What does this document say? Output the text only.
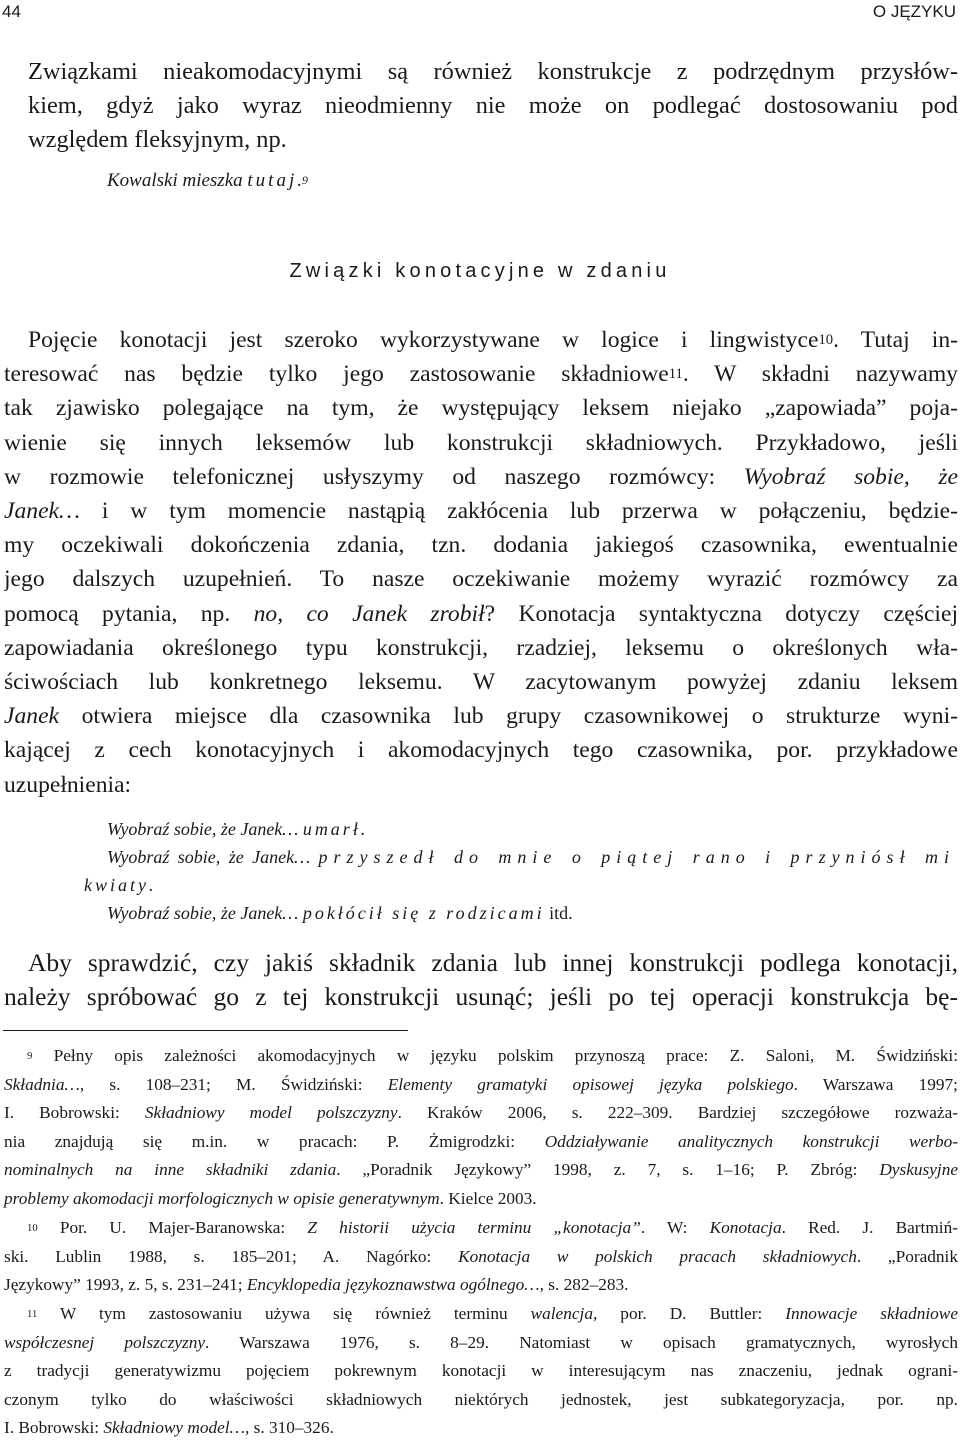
44	O JĘZYKU
Związkami nieakomodacyjnymi są również konstrukcje z podrzędnym przysłów-
kiem, gdyż jako wyraz nieodmienny nie może on podlegać dostosowaniu pod
względem fleksyjnym, np.
Kowalski mieszka tutaj.$^9$
Związki konotacyjne w zdaniu
Pojęcie konotacji jest szeroko wykorzystywane w logice i lingwistyce$^{10}$. Tutaj in-
teresować nas będzie tylko jego zastosowanie składniowe$^{11}$. W składni nazywamy
tak zjawisko polegające na tym, że występujący leksem niejako „zapowiada” poja-
wienie się innych leksemów lub konstrukcji składniowych. Przykładowo, jeśli
w rozmowie telefonicznej usłyszymy od naszego rozmówcy: Wyobraź sobie, że
Janek… i w tym momencie nastąpią zakłócenia lub przerwa w połączeniu, będzie-
my oczekiwali dokończenia zdania, tzn. dodania jakiegoś czasownika, ewentualnie
jego dalszych uzupełnień. To nasze oczekiwanie możemy wyrazić rozmówcy za
pomocą pytania, np. no, co Janek zrobił? Konotacja syntaktyczna dotyczy częściej
zapowiadania określonego typu konstrukcji, rzadziej, leksemu o określonych wła-
ściwościach lub konkretnego leksemu. W zacytowanym powyżej zdaniu leksem
Janek otwiera miejsce dla czasownika lub grupy czasownikowej o strukturze wyni-
kającej z cech konotacyjnych i akomodacyjnych tego czasownika, por. przykładowe
uzupełnienia:
Wyobraź sobie, że Janek… umarł.
Wyobraź sobie, że Janek… przyszedł do mnie o piątej rano i przyniósł mi
kwiaty.
Wyobraź sobie, że Janek… pokłócił się z rodzicami itd.
Aby sprawdzić, czy jakiś składnik zdania lub innej konstrukcji podlega konotacji,
należy spróbować go z tej konstrukcji usunąć; jeśli po tej operacji konstrukcja bę-
$^9$ Pełny opis zależności akomodacyjnych w języku polskim przynoszą prace: Z. Saloni, M. Świdziński:
Składnia…, s. 108–231; M. Świdziński: Elementy gramatyki opisowej języka polskiego. Warszawa 1997;
I. Bobrowski: Składniowy model polszczyzny. Kraków 2006, s. 222–309. Bardziej szczegółowe rozważa-
nia znajdują się m.in. w pracach: P. Żmigrodzki: Oddziaływanie analitycznych konstrukcji werbo-
nominalnych na inne składniki zdania. „Poradnik Językowy” 1998, z. 7, s. 1–16; P. Zbróg: Dyskusyjne
problemy akomodacji morfologicznych w opisie generatywnym. Kielce 2003.
$^{10}$ Por. U. Majer-Baranowska: Z historii użycia terminu „konotacja”. W: Konotacja. Red. J. Bartmiń-
ski. Lublin 1988, s. 185–201; A. Nagórko: Konotacja w polskich pracach składniowych. „Poradnik
Językowy” 1993, z. 5, s. 231–241; Encyklopedia językoznawstwa ogólnego…, s. 282–283.
$^{11}$ W tym zastosowaniu używa się również terminu walencja, por. D. Buttler: Innowacje składniowe
współczesnej polszczyzny. Warszawa 1976, s. 8–29. Natomiast w opisach gramatycznych, wyrosłych
z tradycji generatywizmu pojęciem pokrewnym konotacji w interesującym nas znaczeniu, jednak ograni-
czonym tylko do właściwości składniowych niektórych jednostek, jest subkategoryzacja, por. np.
I. Bobrowski: Składniowy model…, s. 310–326.
